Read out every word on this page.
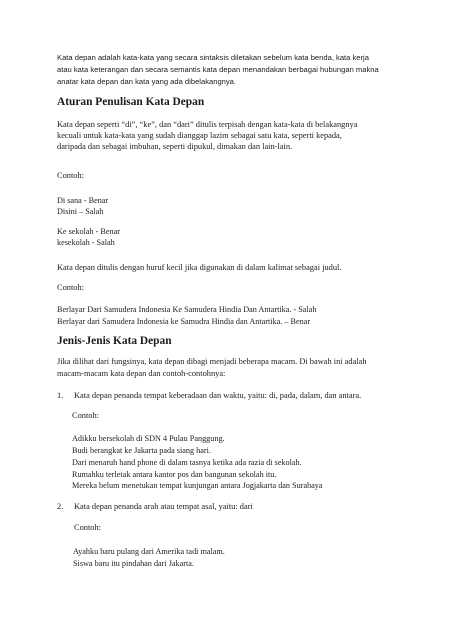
Kata depan adalah kata-kata yang secara sintaksis diletakan sebelum kata benda, kata kerja
atau kata keterangan dan secara semantis kata depan menandakan berbagai hubungan makna
anatar kata depan dan kata yang ada dibelakangnya.
Aturan Penulisan Kata Depan
Kata depan seperti “di”, “ke”, dan “dari” ditulis terpisah dengan kata-kata di belakangnya
kecuali untuk kata-kata yang sudah dianggap lazim sebagai satu kata, seperti kepada,
daripada dan sebagai imbuhan, seperti dipukul, dimakan dan lain-lain.
Contoh:
Di sana - Benar
Disini – Salah
Ke sekolah - Benar
kesekolah - Salah
Kata depan ditulis dengan huruf kecil jika digunakan di dalam kalimat sebagai judul.
Contoh:
Berlayar Dari Samudera Indonesia Ke Samudera Hindia Dan Antartika. - Salah
Berlayar dari Samudera Indonesia ke Samudra Hindia dan Antartika. – Benar
Jenis-Jenis Kata Depan
Jika dilihat dari fungsinya, kata depan dibagi menjadi beberapa macam. Di bawah ini adalah
macam-macam kata depan dan contoh-contohnya:
1. Kata depan penanda tempat keberadaan dan waktu, yaitu: di, pada, dalam, dan antara.
Contoh:
Adikku bersekolah di SDN 4 Pulau Panggung.
Budi berangkat ke Jakarta pada siang hari.
Dari menaruh hand phone di dalam tasnya ketika ada razia di sekolah.
Rumahku terletak antara kantor pos dan bangunan sekolah itu.
Mereka belum menetukan tempat kunjungan antara Jogjakarta dan Surabaya
2. Kata depan penanda arah atau tempat asal, yaitu: dari
Contoh:
Ayahku baru pulang dari Amerika tadi malam.
Siswa baru itu pindahan dari Jakarta.
